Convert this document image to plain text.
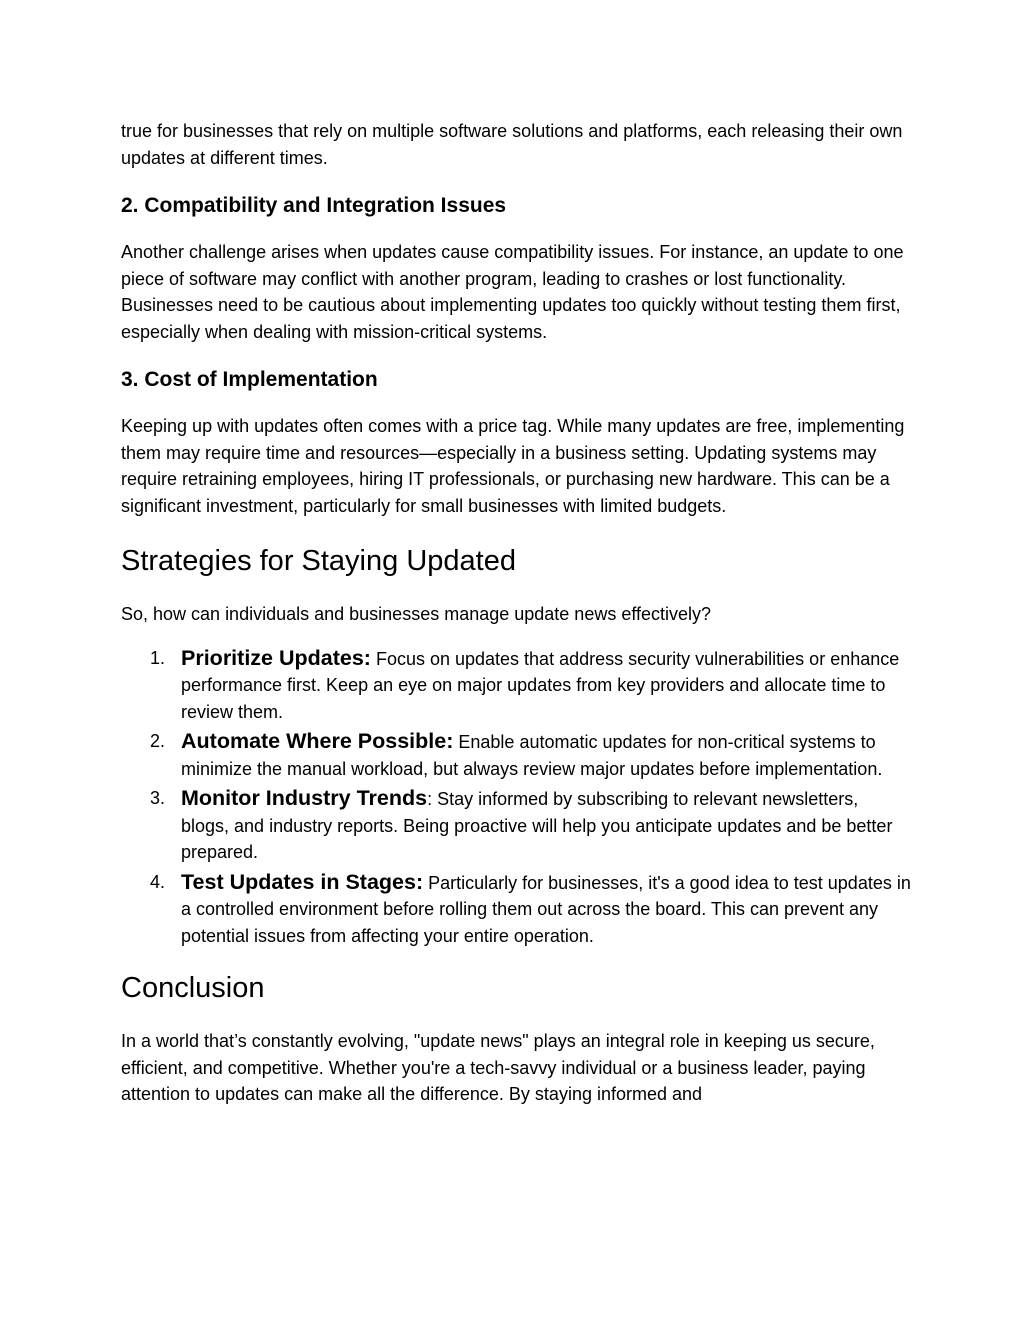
true for businesses that rely on multiple software solutions and platforms, each releasing their own updates at different times.

2. Compatibility and Integration Issues

Another challenge arises when updates cause compatibility issues. For instance, an update to one piece of software may conflict with another program, leading to crashes or lost functionality. Businesses need to be cautious about implementing updates too quickly without testing them first, especially when dealing with mission-critical systems.

3. Cost of Implementation

Keeping up with updates often comes with a price tag. While many updates are free, implementing them may require time and resources—especially in a business setting. Updating systems may require retraining employees, hiring IT professionals, or purchasing new hardware. This can be a significant investment, particularly for small businesses with limited budgets.

Strategies for Staying Updated

So, how can individuals and businesses manage update news effectively?

1. Prioritize Updates: Focus on updates that address security vulnerabilities or enhance performance first. Keep an eye on major updates from key providers and allocate time to review them.
2. Automate Where Possible: Enable automatic updates for non-critical systems to minimize the manual workload, but always review major updates before implementation.
3. Monitor Industry Trends: Stay informed by subscribing to relevant newsletters, blogs, and industry reports. Being proactive will help you anticipate updates and be better prepared.
4. Test Updates in Stages: Particularly for businesses, it's a good idea to test updates in a controlled environment before rolling them out across the board. This can prevent any potential issues from affecting your entire operation.
Conclusion

In a world that’s constantly evolving, "update news" plays an integral role in keeping us secure, efficient, and competitive. Whether you're a tech-savvy individual or a business leader, paying attention to updates can make all the difference. By staying informed and
